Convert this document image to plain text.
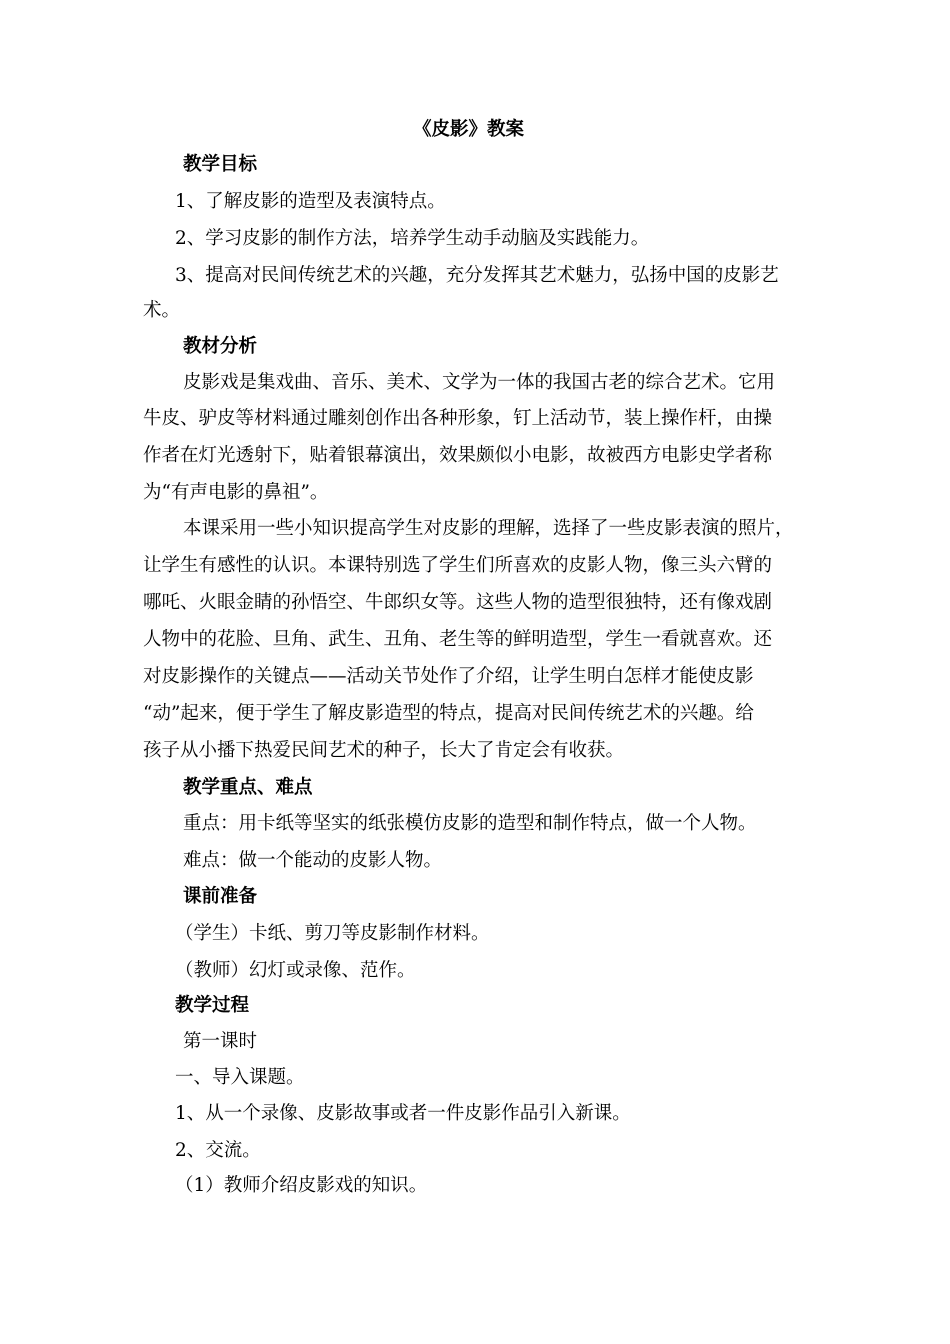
《皮影》教案

教学目标

1、了解皮影的造型及表演特点。

2、学习皮影的制作方法，培养学生动手动脑及实践能力。

3、提高对民间传统艺术的兴趣，充分发挥其艺术魅力，弘扬中国的皮影艺

术。

教材分析

皮影戏是集戏曲、音乐、美术、文学为一体的我国古老的综合艺术。它用

牛皮、驴皮等材料通过雕刻创作出各种形象，钉上活动节，装上操作杆，由操

作者在灯光透射下，贴着银幕演出，效果颇似小电影，故被西方电影史学者称

为“有声电影的鼻祖”。

本课采用一些小知识提高学生对皮影的理解，选择了一些皮影表演的照片，

让学生有感性的认识。本课特别选了学生们所喜欢的皮影人物，像三头六臂的

哪吒、火眼金睛的孙悟空、牛郎织女等。这些人物的造型很独特，还有像戏剧

人物中的花脸、旦角、武生、丑角、老生等的鲜明造型，学生一看就喜欢。还

对皮影操作的关键点——活动关节处作了介绍，让学生明白怎样才能使皮影

“动”起来，便于学生了解皮影造型的特点，提高对民间传统艺术的兴趣。给

孩子从小播下热爱民间艺术的种子，长大了肯定会有收获。

教学重点、难点

重点：用卡纸等坚实的纸张模仿皮影的造型和制作特点，做一个人物。

难点：做一个能动的皮影人物。

课前准备

（学生）卡纸、剪刀等皮影制作材料。

（教师）幻灯或录像、范作。

教学过程

第一课时

一、导入课题。

1、从一个录像、皮影故事或者一件皮影作品引入新课。

2、交流。

（1）教师介绍皮影戏的知识。
